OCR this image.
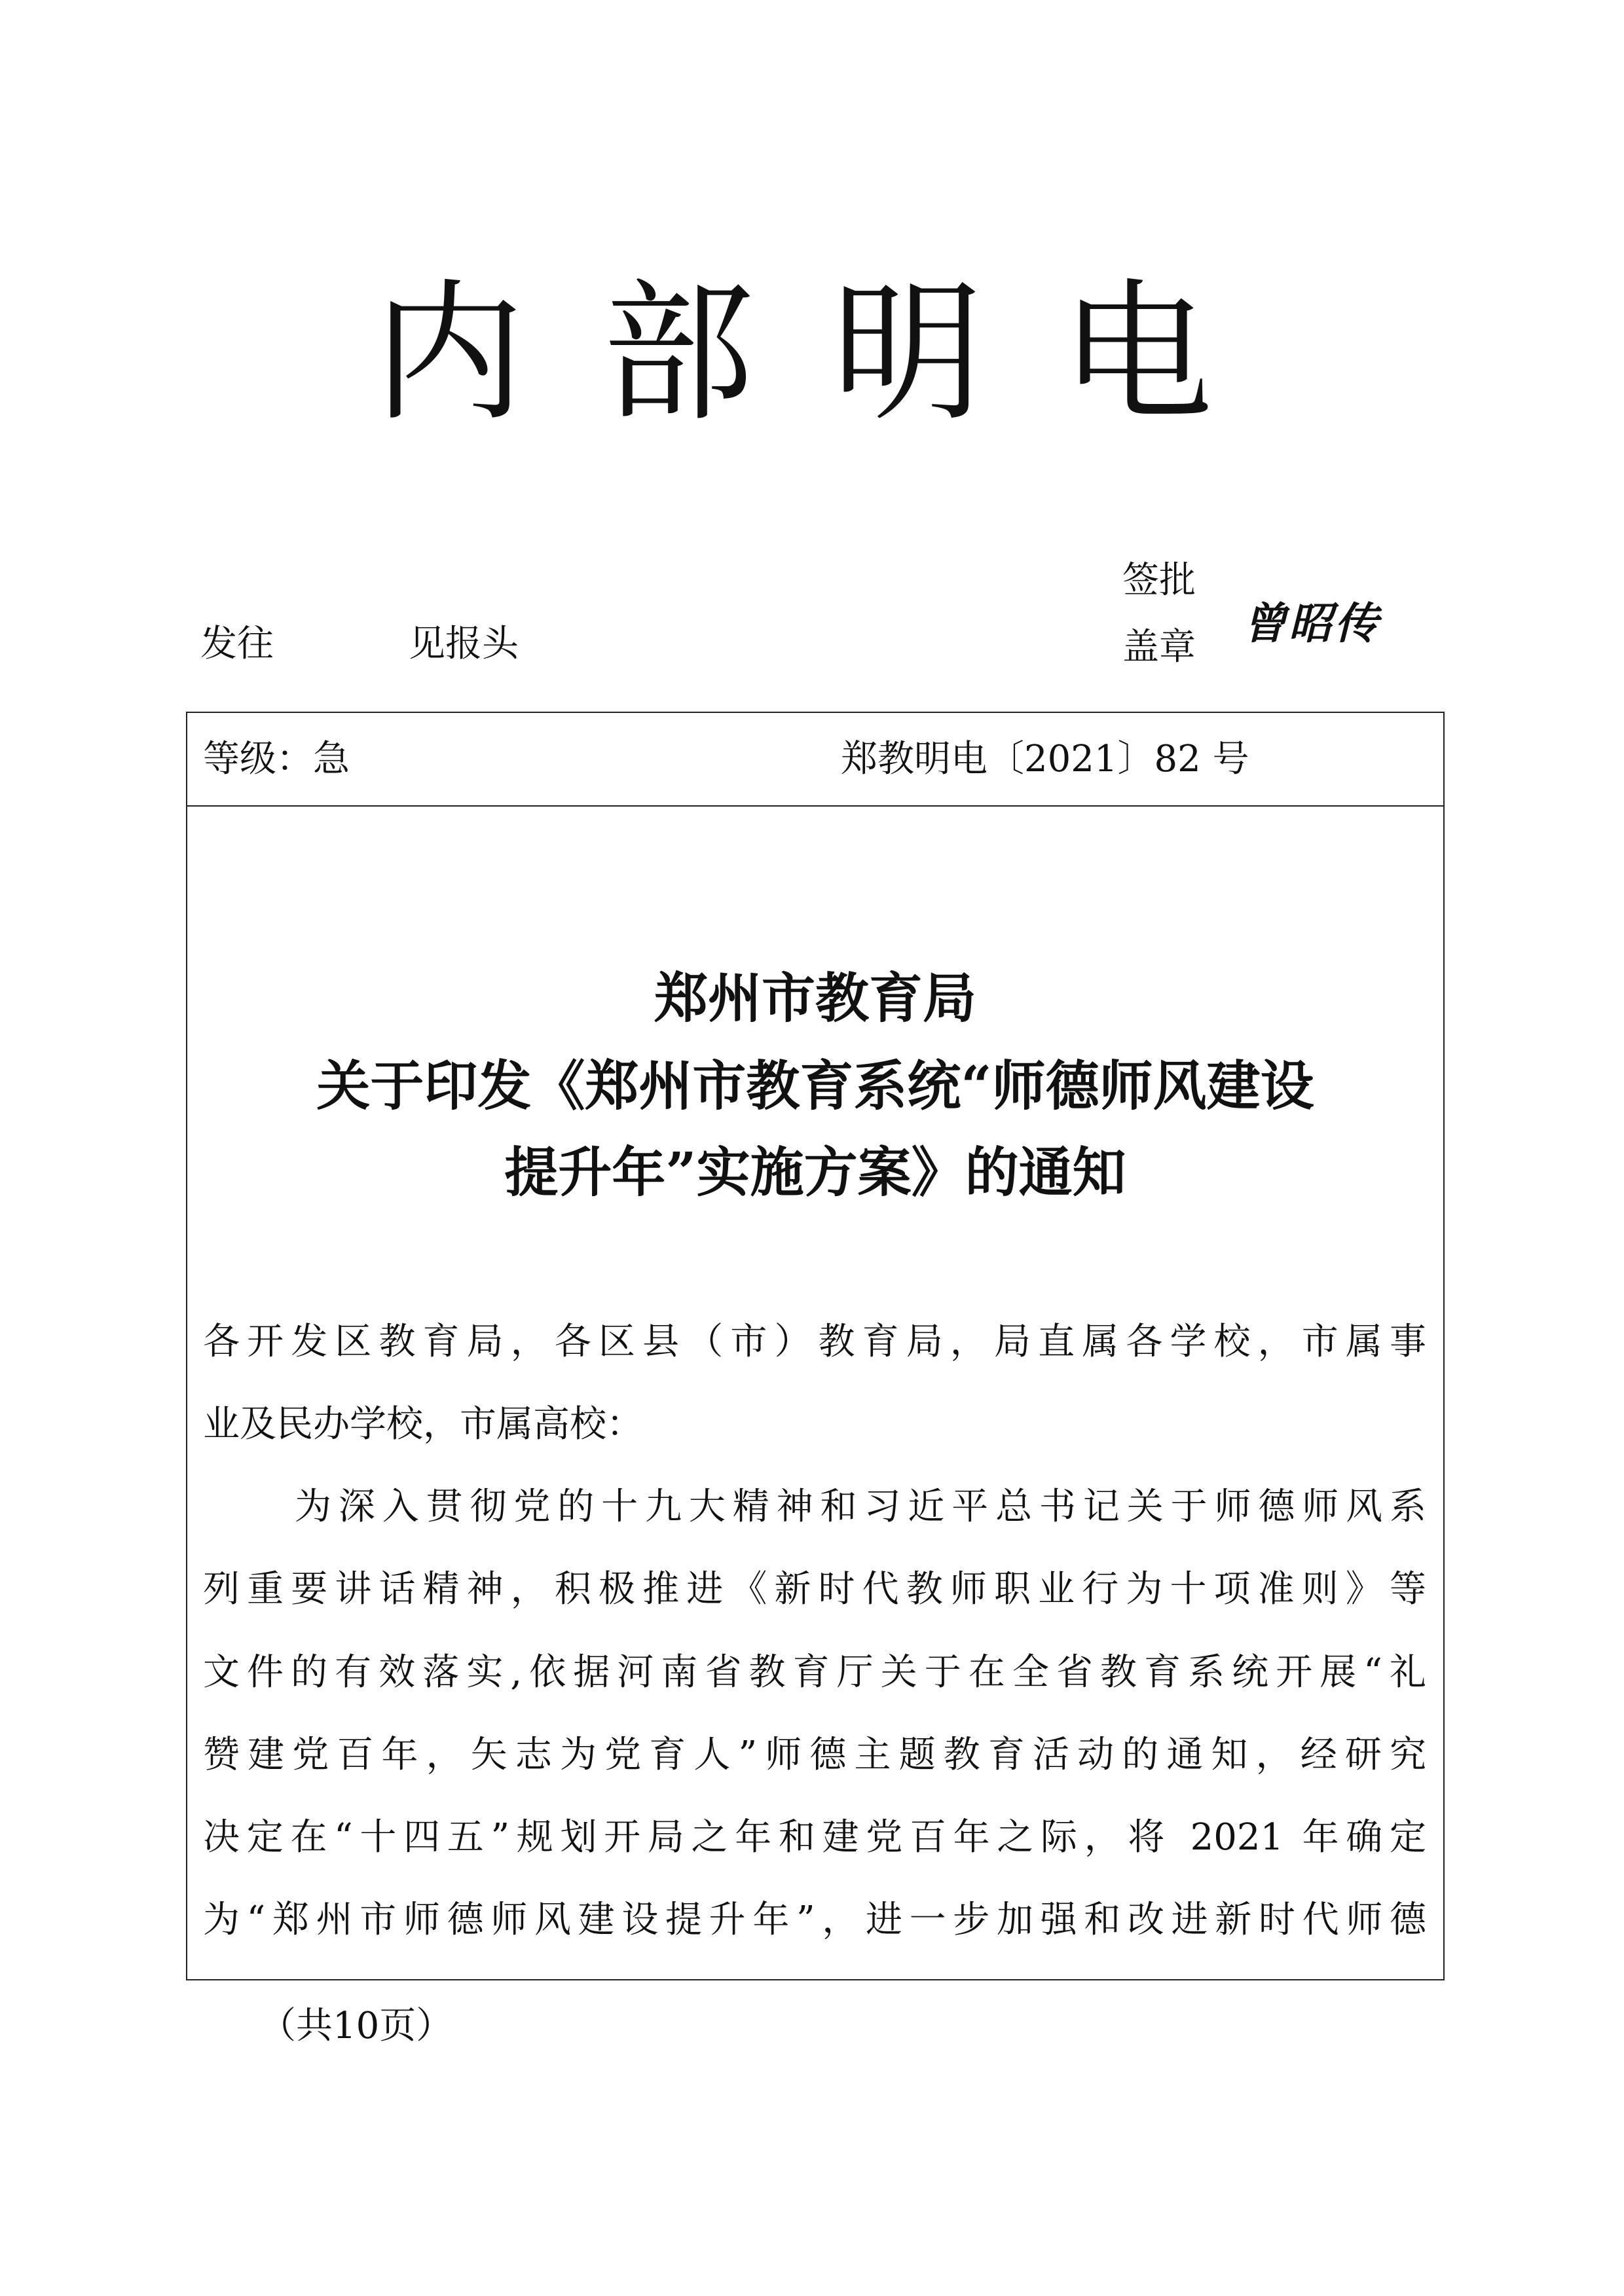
内部明电
发往	见报头
签批
盖章 曾昭传
等级：急	郑教明电〔2021〕82 号
郑州市教育局
关于印发《郑州市教育系统“师德师风建设
提升年”实施方案》的通知
各开发区教育局，各区县（市）教育局，局直属各学校，市属事
业及民办学校，市属高校：
为深入贯彻党的十九大精神和习近平总书记关于师德师风系
列重要讲话精神，积极推进《新时代教师职业行为十项准则》等
文件的有效落实,依据河南省教育厅关于在全省教育系统开展“礼
赞建党百年，矢志为党育人”师德主题教育活动的通知，经研究
决定在“十四五”规划开局之年和建党百年之际，将 2021 年确定
为“郑州市师德师风建设提升年”，进一步加强和改进新时代师德
（共10页）
